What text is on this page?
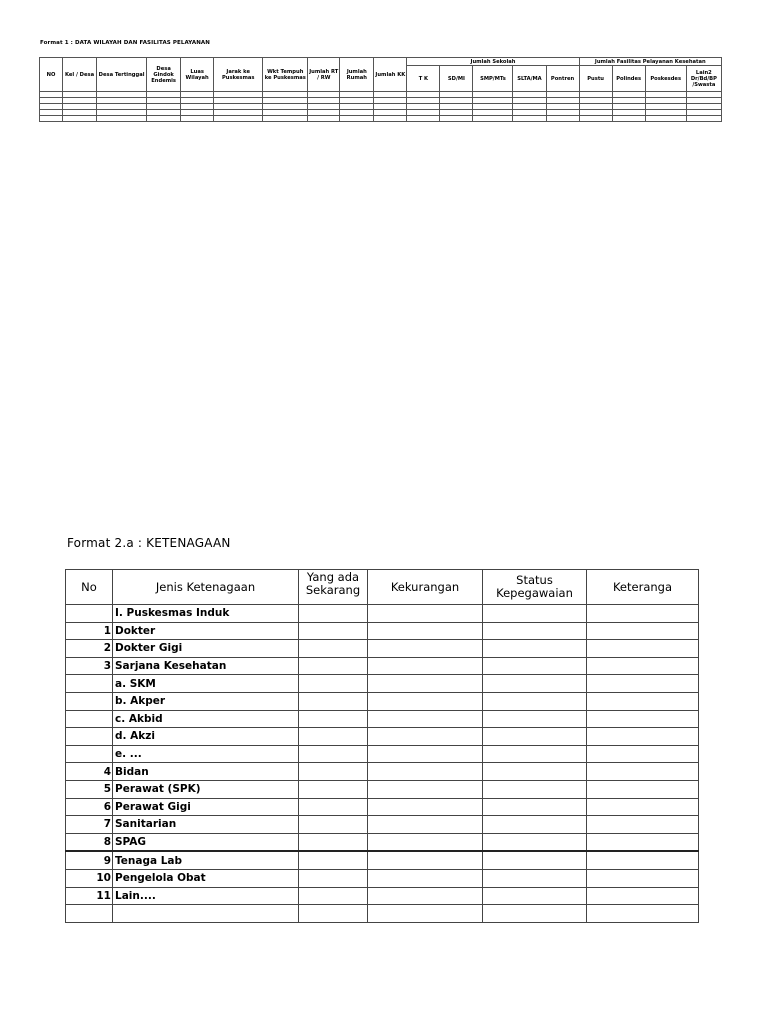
Format 1 : DATA WILAYAH DAN FASILITAS PELAYANAN
NO	Kel / Desa	Desa Tertinggal	Desa Gindok Endemis	Luas Wilayah	Jarak ke Puskesmas	Wkt Tempuh ke Puskesmas	Jumlah RT / RW	Jumlah Rumah	Jumlah KK	Jumlah Sekolah					Jumlah Fasilitas Pelayanan Kesehatan			
										T K	SD/MI	SMP/MTs	SLTA/MA	Pontren	Pustu	Polindes	Poskesdes	Lain2 Dr/Bd/BP /Swasta

Format 2.a : KETENAGAAN
No	Jenis Ketenagaan	Yang ada Sekarang	Kekurangan	Status Kepegawaian	Keteranga
	I. Puskesmas Induk				
1	Dokter				
2	Dokter Gigi				
3	Sarjana Kesehatan				
	a. SKM				
	b. Akper				
	c. Akbid				
	d. Akzi				
	e. ...				
4	Bidan				
5	Perawat (SPK)				
6	Perawat Gigi				
7	Sanitarian				
8	SPAG				
9	Tenaga Lab				
10	Pengelola Obat				
11	Lain....				
